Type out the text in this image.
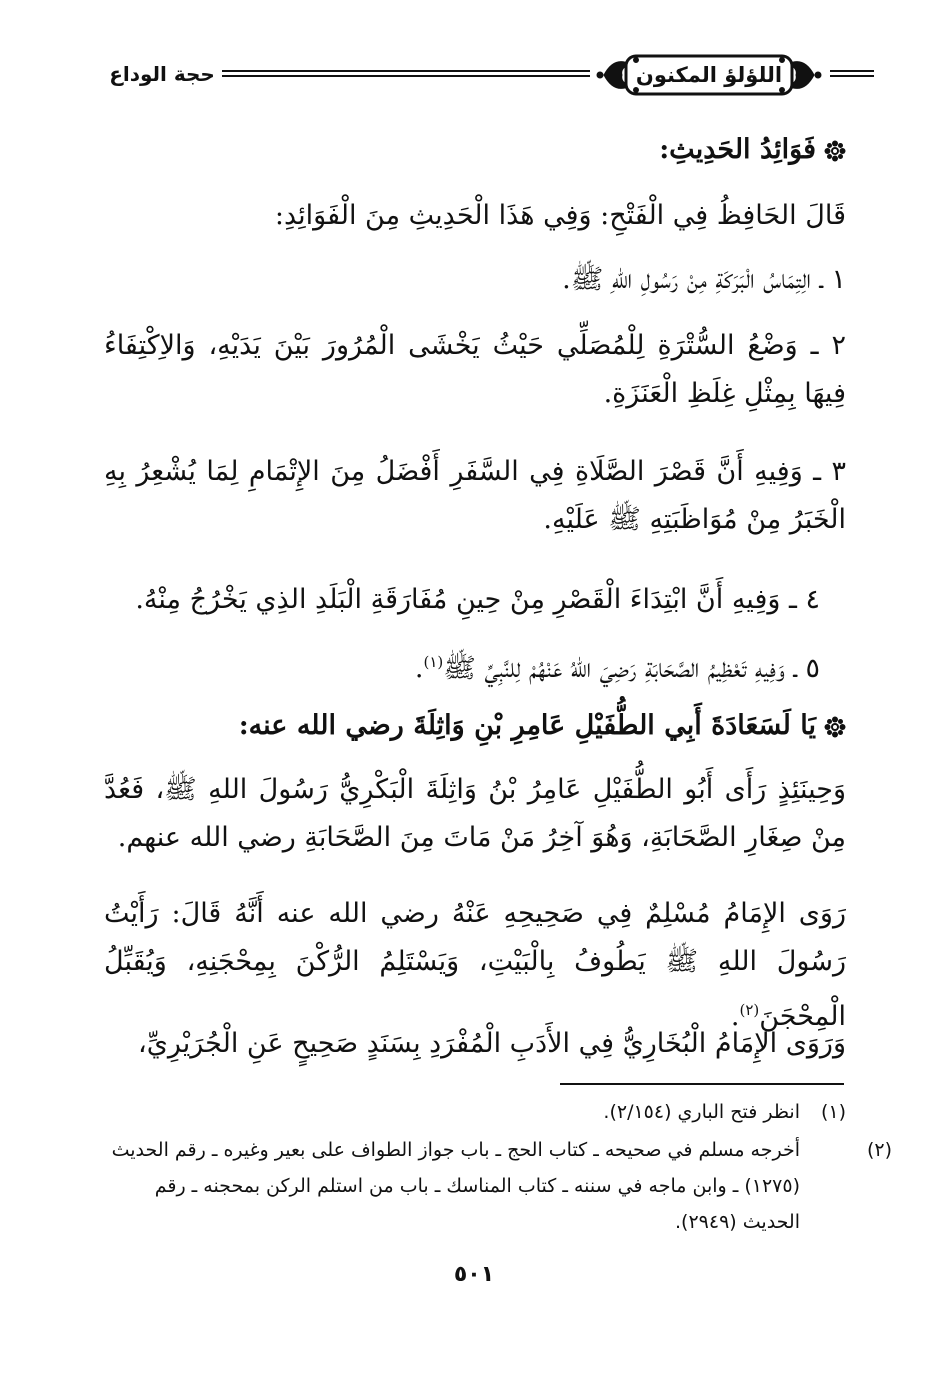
اللؤلؤ المكنون
حجة الوداع
فَوَائِدُ الحَدِيثِ:
قَالَ الحَافِظُ فِي الْفَتْحِ: وَفِي هَذَا الْحَدِيثِ مِنَ الْفَوَائِدِ:
١ ـ الِتِمَاسُ الْبَرَكَةِ مِنْ رَسُولِ اللهِ ﷺ.
٢ ـ وَضْعُ السُّتْرَةِ لِلْمُصَلِّي حَيْثُ يَخْشَى الْمُرُورَ بَيْنَ يَدَيْهِ، وَالاِكْتِفَاءُ فِيهَا بِمِثْلِ غِلَظِ الْعَنَزَةِ.
٣ ـ وَفِيهِ أَنَّ قَصْرَ الصَّلَاةِ فِي السَّفَرِ أَفْضَلُ مِنَ الإِتْمَامِ لِمَا يُشْعِرُ بِهِ الْخَبَرُ مِنْ مُوَاظَبَتِهِ ﷺ عَلَيْهِ.
٤ ـ وَفِيهِ أَنَّ ابْتِدَاءَ الْقَصْرِ مِنْ حِينِ مُفَارَقَةِ الْبَلَدِ الذِي يَخْرُجُ مِنْهُ.
٥ ـ وَفِيهِ تَعْظِيمُ الصَّحَابَةِ رَضِيَ اللهُ عَنْهُمْ لِلنَّبِيِّ ﷺ$^{(١)}$.
يَا لَسَعَادَةَ أَبِي الطُّفَيْلِ عَامِرِ بْنِ وَاثِلَةَ رضي الله عنه:
وَحِينَئِذٍ رَأَى أَبُو الطُّفَيْلِ عَامِرُ بْنُ وَاثِلَةَ الْبَكْرِيُّ رَسُولَ اللهِ ﷺ، فَعُدَّ مِنْ صِغَارِ الصَّحَابَةِ، وَهُوَ آخِرُ مَنْ مَاتَ مِنَ الصَّحَابَةِ رضي الله عنهم.
رَوَى الإِمَامُ مُسْلِمٌ فِي صَحِيحِهِ عَنْهُ رضي الله عنه أَنَّهُ قَالَ: رَأَيْتُ رَسُولَ اللهِ ﷺ يَطُوفُ بِالْبَيْتِ، وَيَسْتَلِمُ الرُّكْنَ بِمِحْجَنِهِ، وَيُقَبِّلُ الْمِحْجَنَ$^{(٢)}$.
وَرَوَى الإِمَامُ الْبُخَارِيُّ فِي الأَدَبِ الْمُفْرَدِ بِسَنَدٍ صَحِيحٍ عَنِ الْجُرَيْرِيِّ،
(١)انظر فتح الباري (٢/١٥٤).
(٢)أخرجه مسلم في صحيحه ـ كتاب الحج ـ باب جواز الطواف على بعير وغيره ـ رقم الحديث (١٢٧٥) ـ وابن ماجه في سننه ـ كتاب المناسك ـ باب من استلم الركن بمحجنه ـ رقم الحديث (٢٩٤٩).
٥٠١
